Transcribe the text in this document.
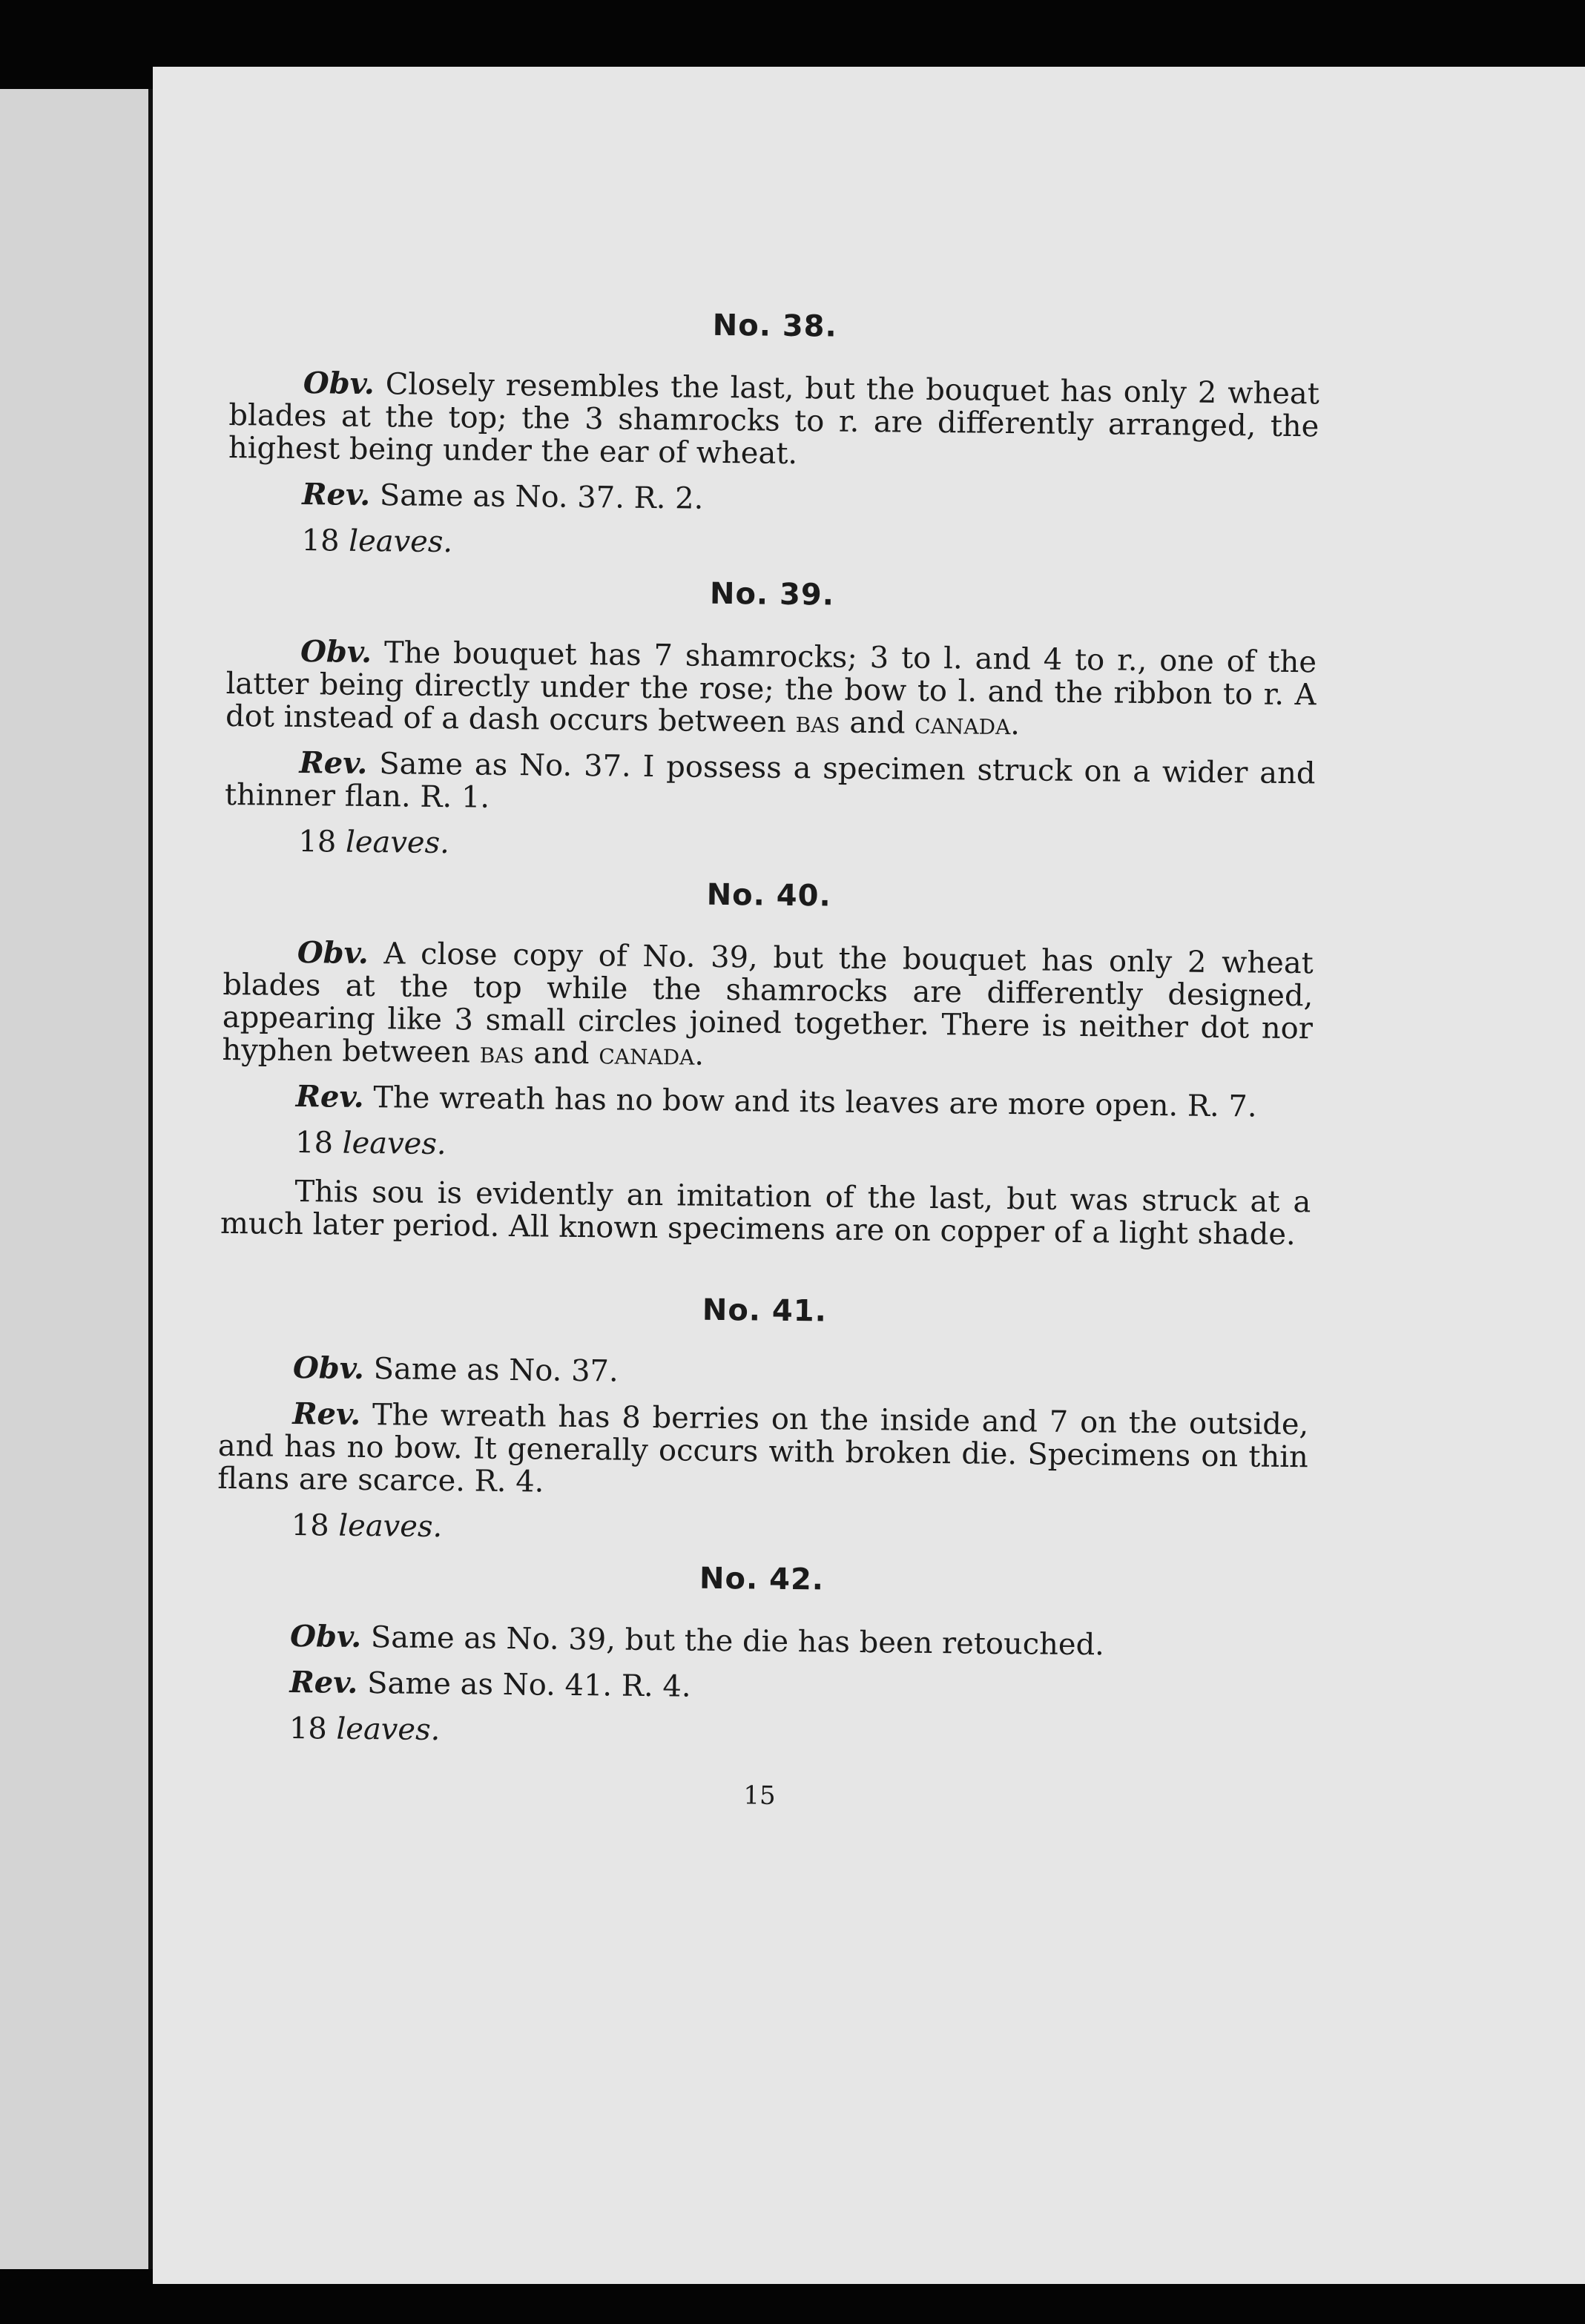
No. 38.

Obv. Closely resembles the last, but the bouquet has only 2 wheat blades at the top; the 3 shamrocks to r. are differently arranged, the highest being under the ear of wheat.

Rev. Same as No. 37. R. 2.

18 leaves.
No. 39.

Obv. The bouquet has 7 shamrocks; 3 to l. and 4 to r., one of the latter being directly under the rose; the bow to l. and the ribbon to r. A dot instead of a dash occurs between bas and canada.

Rev. Same as No. 37. I possess a specimen struck on a wider and thinner flan. R. 1.

18 leaves.
No. 40.

Obv. A close copy of No. 39, but the bouquet has only 2 wheat blades at the top while the shamrocks are differently designed, appearing like 3 small circles joined together. There is neither dot nor hyphen between bas and canada.

Rev. The wreath has no bow and its leaves are more open. R. 7.

18 leaves.

This sou is evidently an imitation of the last, but was struck at a much later period. All known specimens are on copper of a light shade.

No. 41.

Obv. Same as No. 37.

Rev. The wreath has 8 berries on the inside and 7 on the outside, and has no bow. It generally occurs with broken die. Specimens on thin flans are scarce. R. 4.

18 leaves.
No. 42.

Obv. Same as No. 39, but the die has been retouched.

Rev. Same as No. 41. R. 4.

18 leaves.
15
